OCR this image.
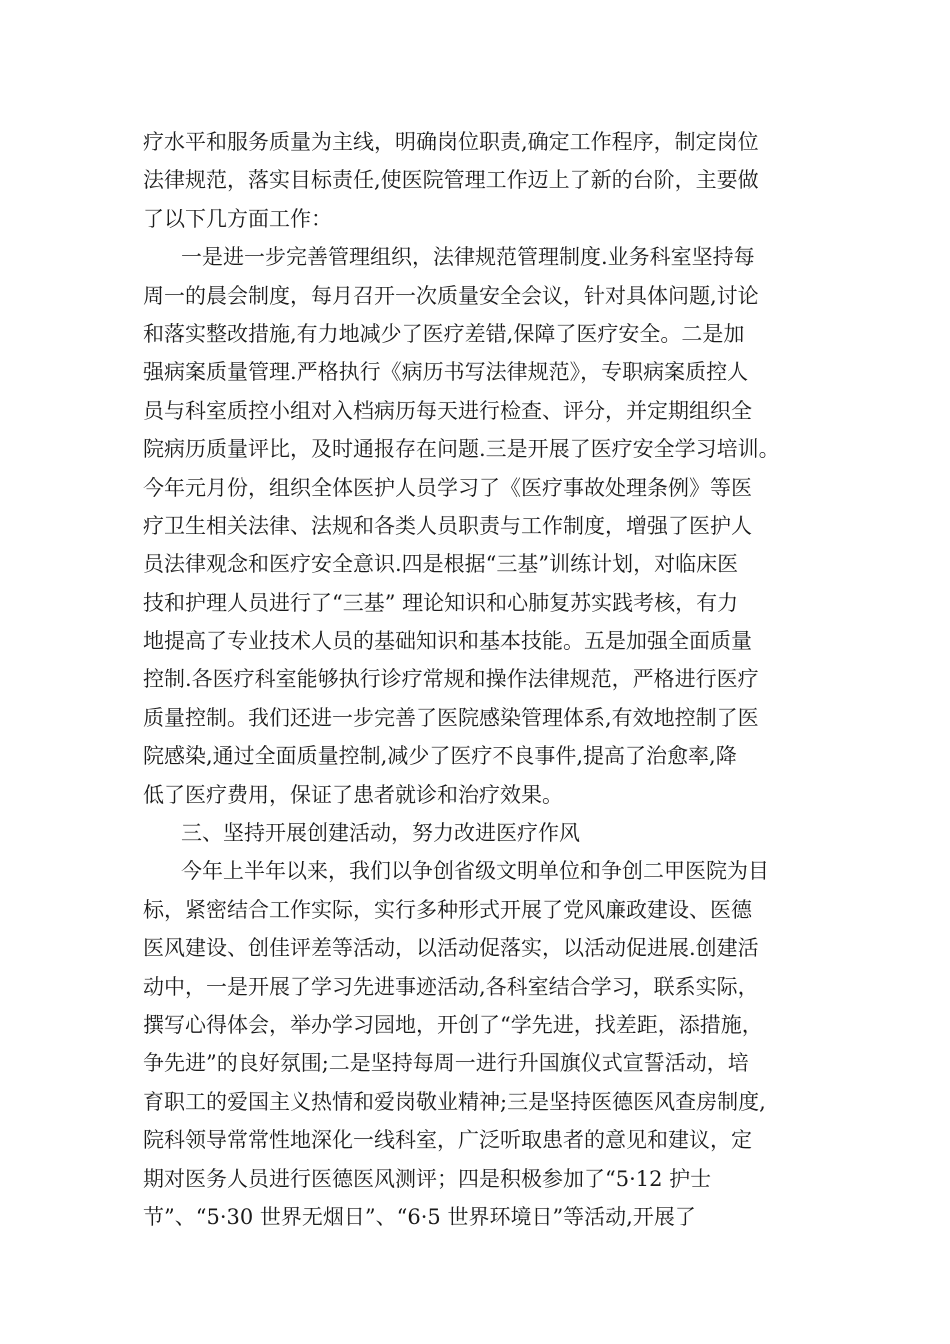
疗水平和服务质量为主线，明确岗位职责,确定工作程序，制定岗位
法律规范，落实目标责任,使医院管理工作迈上了新的台阶，主要做
了以下几方面工作：
一是进一步完善管理组织，法律规范管理制度.业务科室坚持每
周一的晨会制度，每月召开一次质量安全会议，针对具体问题,讨论
和落实整改措施,有力地减少了医疗差错,保障了医疗安全。二是加
强病案质量管理.严格执行《病历书写法律规范》，专职病案质控人
员与科室质控小组对入档病历每天进行检查、评分，并定期组织全
院病历质量评比，及时通报存在问题.三是开展了医疗安全学习培训。
今年元月份，组织全体医护人员学习了《医疗事故处理条例》等医
疗卫生相关法律、法规和各类人员职责与工作制度，增强了医护人
员法律观念和医疗安全意识.四是根据“三基”训练计划，对临床医
技和护理人员进行了“三基” 理论知识和心肺复苏实践考核，有力
地提高了专业技术人员的基础知识和基本技能。五是加强全面质量
控制.各医疗科室能够执行诊疗常规和操作法律规范，严格进行医疗
质量控制。我们还进一步完善了医院感染管理体系,有效地控制了医
院感染,通过全面质量控制,减少了医疗不良事件,提高了治愈率,降
低了医疗费用，保证了患者就诊和治疗效果。
三、坚持开展创建活动，努力改进医疗作风
今年上半年以来，我们以争创省级文明单位和争创二甲医院为目
标，紧密结合工作实际，实行多种形式开展了党风廉政建设、医德
医风建设、创佳评差等活动，以活动促落实，以活动促进展.创建活
动中，一是开展了学习先进事迹活动,各科室结合学习，联系实际，
撰写心得体会，举办学习园地，开创了“学先进，找差距，添措施，
争先进”的良好氛围;二是坚持每周一进行升国旗仪式宣誓活动，培
育职工的爱国主义热情和爱岗敬业精神;三是坚持医德医风查房制度,
院科领导常常性地深化一线科室，广泛听取患者的意见和建议，定
期对医务人员进行医德医风测评；四是积极参加了“5·12 护士
节”、“5·30 世界无烟日”、“6·5 世界环境日”等活动,开展了
